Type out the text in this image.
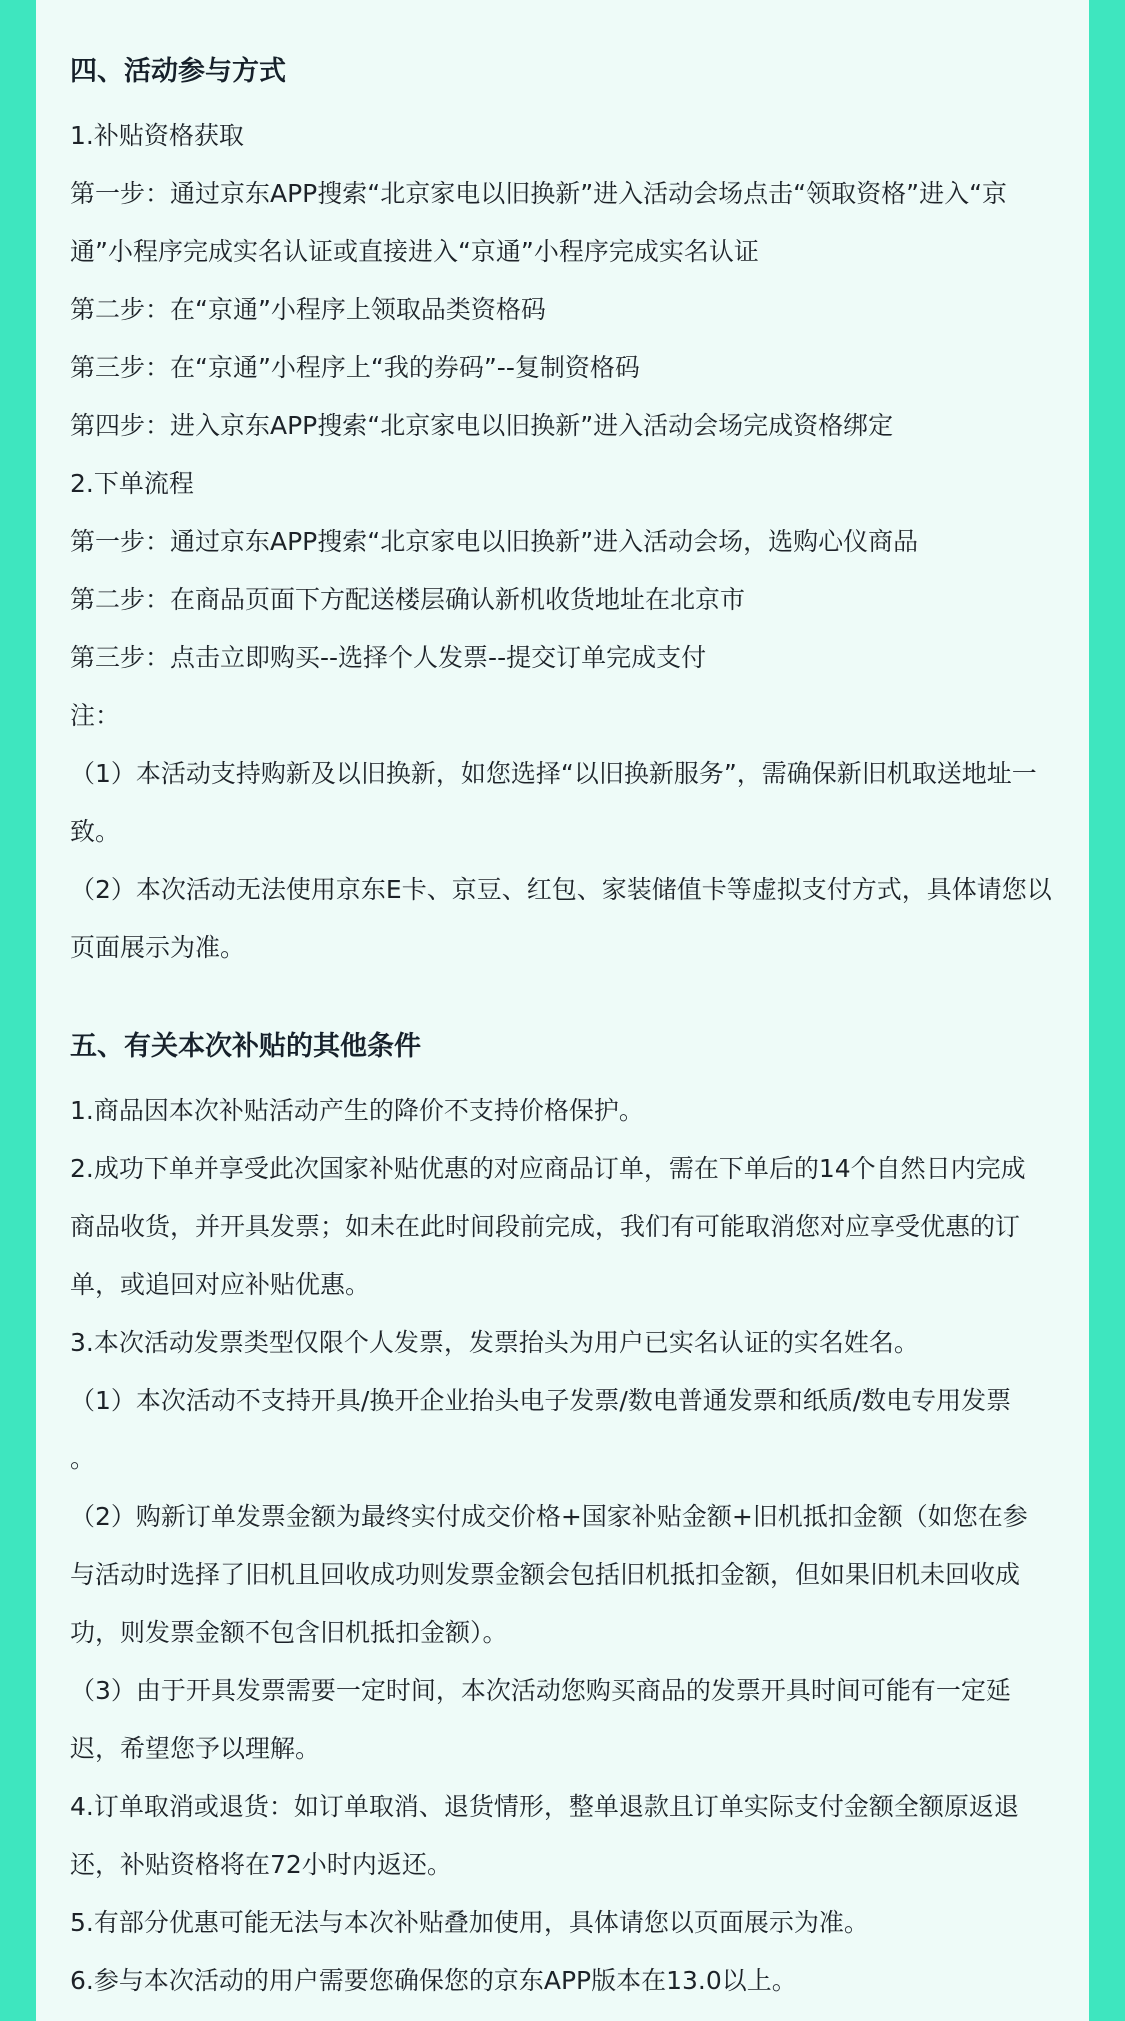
四、活动参与方式

1.补贴资格获取

第一步：通过京东APP搜索“北京家电以旧换新”进入活动会场点击“领取资格”进入“京

通”小程序完成实名认证或直接进入“京通”小程序完成实名认证

第二步：在“京通”小程序上领取品类资格码

第三步：在“京通”小程序上“我的券码”--复制资格码

第四步：进入京东APP搜索“北京家电以旧换新”进入活动会场完成资格绑定

2.下单流程

第一步：通过京东APP搜索“北京家电以旧换新”进入活动会场，选购心仪商品

第二步：在商品页面下方配送楼层确认新机收货地址在北京市

第三步：点击立即购买--选择个人发票--提交订单完成支付

注：

（1）本活动支持购新及以旧换新，如您选择“以旧换新服务”，需确保新旧机取送地址一

致。

（2）本次活动无法使用京东E卡、京豆、红包、家装储值卡等虚拟支付方式，具体请您以

页面展示为准。

五、有关本次补贴的其他条件

1.商品因本次补贴活动产生的降价不支持价格保护。

2.成功下单并享受此次国家补贴优惠的对应商品订单，需在下单后的14个自然日内完成

商品收货，并开具发票；如未在此时间段前完成，我们有可能取消您对应享受优惠的订

单，或追回对应补贴优惠。

3.本次活动发票类型仅限个人发票，发票抬头为用户已实名认证的实名姓名。

（1）本次活动不支持开具/换开企业抬头电子发票/数电普通发票和纸质/数电专用发票

。

（2）购新订单发票金额为最终实付成交价格+国家补贴金额+旧机抵扣金额（如您在参

与活动时选择了旧机且回收成功则发票金额会包括旧机抵扣金额，但如果旧机未回收成

功，则发票金额不包含旧机抵扣金额）。

（3）由于开具发票需要一定时间，本次活动您购买商品的发票开具时间可能有一定延

迟，希望您予以理解。

4.订单取消或退货：如订单取消、退货情形，整单退款且订单实际支付金额全额原返退

还，补贴资格将在72小时内返还。

5.有部分优惠可能无法与本次补贴叠加使用，具体请您以页面展示为准。

6.参与本次活动的用户需要您确保您的京东APP版本在13.0以上。
